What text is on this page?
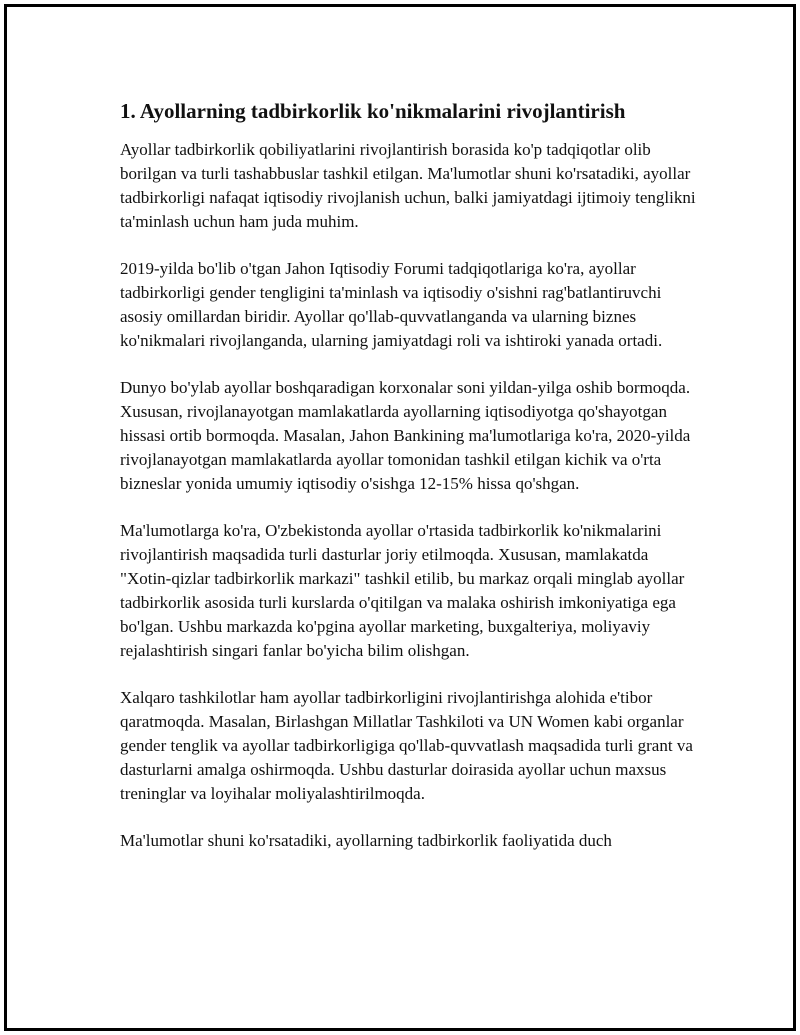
1. Ayollarning tadbirkorlik ko'nikmalarini rivojlantirish

Ayollar tadbirkorlik qobiliyatlarini rivojlantirish borasida ko'p tadqiqotlar olib borilgan va turli tashabbuslar tashkil etilgan. Ma'lumotlar shuni ko'rsatadiki, ayollar tadbirkorligi nafaqat iqtisodiy rivojlanish uchun, balki jamiyatdagi ijtimoiy tenglikni ta'minlash uchun ham juda muhim.

2019-yilda bo'lib o'tgan Jahon Iqtisodiy Forumi tadqiqotlariga ko'ra, ayollar tadbirkorligi gender tengligini ta'minlash va iqtisodiy o'sishni rag'batlantiruvchi asosiy omillardan biridir. Ayollar qo'llab-quvvatlanganda va ularning biznes ko'nikmalari rivojlanganda, ularning jamiyatdagi roli va ishtiroki yanada ortadi.

Dunyo bo'ylab ayollar boshqaradigan korxonalar soni yildan-yilga oshib bormoqda. Xususan, rivojlanayotgan mamlakatlarda ayollarning iqtisodiyotga qo'shayotgan hissasi ortib bormoqda. Masalan, Jahon Bankining ma'lumotlariga ko'ra, 2020-yilda rivojlanayotgan mamlakatlarda ayollar tomonidan tashkil etilgan kichik va o'rta bizneslar yonida umumiy iqtisodiy o'sishga 12-15% hissa qo'shgan.

Ma'lumotlarga ko'ra, O'zbekistonda ayollar o'rtasida tadbirkorlik ko'nikmalarini rivojlantirish maqsadida turli dasturlar joriy etilmoqda. Xususan, mamlakatda "Xotin-qizlar tadbirkorlik markazi" tashkil etilib, bu markaz orqali minglab ayollar tadbirkorlik asosida turli kurslarda o'qitilgan va malaka oshirish imkoniyatiga ega bo'lgan. Ushbu markazda ko'pgina ayollar marketing, buxgalteriya, moliyaviy rejalashtirish singari fanlar bo'yicha bilim olishgan.

Xalqaro tashkilotlar ham ayollar tadbirkorligini rivojlantirishga alohida e'tibor qaratmoqda. Masalan, Birlashgan Millatlar Tashkiloti va UN Women kabi organlar gender tenglik va ayollar tadbirkorligiga qo'llab-quvvatlash maqsadida turli grant va dasturlarni amalga oshirmoqda. Ushbu dasturlar doirasida ayollar uchun maxsus treninglar va loyihalar moliyalashtirilmoqda.

Ma'lumotlar shuni ko'rsatadiki, ayollarning tadbirkorlik faoliyatida duch
